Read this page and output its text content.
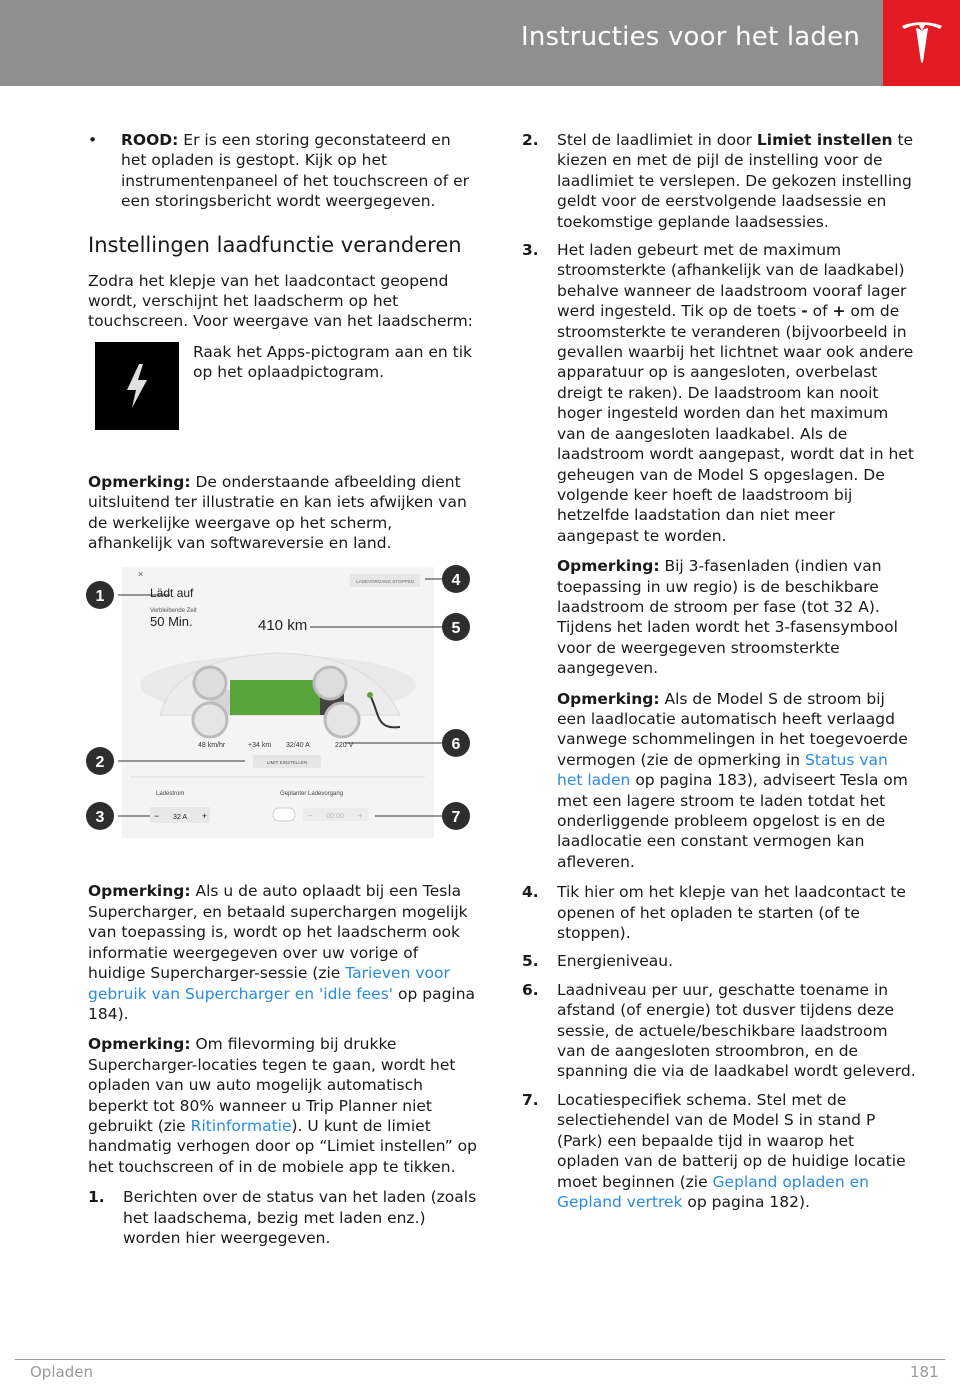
Instructies voor het laden
• ROOD: Er is een storing geconstateerd en het opladen is gestopt. Kijk op het instrumentenpaneel of het touchscreen of er een storingsbericht wordt weergegeven.
Instellingen laadfunctie veranderen

Zodra het klepje van het laadcontact geopend wordt, verschijnt het laadscherm op het touchscreen. Voor weergave van het laadscherm:

Raak het Apps-pictogram aan en tik op het oplaadpictogram.

Opmerking: De onderstaande afbeelding dient uitsluitend ter illustratie en kan iets afwijken van de werkelijke weergave op het scherm, afhankelijk van softwareversie en land.

×
Lädt auf
Verbleibende Zeit
50 Min.	410 km
LADEVORGANG STOPPEN
48 km/hr	+34 km 32/40 A	220 V
LIMIT EINSTELLEN
Ladestrom
− 32 A +
Geplanter Ladevorgang
− 00:00 +
1
2
3
4
5
6
7

Opmerking: Als u de auto oplaadt bij een Tesla Supercharger, en betaald superchargen mogelijk van toepassing is, wordt op het laadscherm ook informatie weergegeven over uw vorige of huidige Supercharger-sessie (zie Tarieven voor gebruik van Supercharger en 'idle fees' op pagina 184).

Opmerking: Om filevorming bij drukke Supercharger-locaties tegen te gaan, wordt het opladen van uw auto mogelijk automatisch beperkt tot 80% wanneer u Trip Planner niet gebruikt (zie Ritinformatie). U kunt de limiet handmatig verhogen door op “Limiet instellen” op het touchscreen of in de mobiele app te tikken.

1. Berichten over de status van het laden (zoals het laadschema, bezig met laden enz.) worden hier weergegeven.
2. Stel de laadlimiet in door Limiet instellen te kiezen en met de pijl de instelling voor de laadlimiet te verslepen. De gekozen instelling geldt voor de eerstvolgende laadsessie en toekomstige geplande laadsessies.
3. Het laden gebeurt met de maximum stroomsterkte (afhankelijk van de laadkabel) behalve wanneer de laadstroom vooraf lager werd ingesteld. Tik op de toets - of + om de stroomsterkte te veranderen (bijvoorbeeld in gevallen waarbij het lichtnet waar ook andere apparatuur op is aangesloten, overbelast dreigt te raken). De laadstroom kan nooit hoger ingesteld worden dan het maximum van de aangesloten laadkabel. Als de laadstroom wordt aangepast, wordt dat in het geheugen van de Model S opgeslagen. De volgende keer hoeft de laadstroom bij hetzelfde laadstation dan niet meer aangepast te worden.

Opmerking: Bij 3-fasenladen (indien van toepassing in uw regio) is de beschikbare laadstroom de stroom per fase (tot 32 A). Tijdens het laden wordt het 3-fasensymbool voor de weergegeven stroomsterkte aangegeven.

Opmerking: Als de Model S de stroom bij een laadlocatie automatisch heeft verlaagd vanwege schommelingen in het toegevoerde vermogen (zie de opmerking in Status van het laden op pagina 183), adviseert Tesla om met een lagere stroom te laden totdat het onderliggende probleem opgelost is en de laadlocatie een constant vermogen kan afleveren.

4. Tik hier om het klepje van het laadcontact te openen of het opladen te starten (of te stoppen).
5. Energieniveau.
6. Laadniveau per uur, geschatte toename in afstand (of energie) tot dusver tijdens deze sessie, de actuele/beschikbare laadstroom van de aangesloten stroombron, en de spanning die via de laadkabel wordt geleverd.
7. Locatiespecifiek schema. Stel met de selectiehendel van de Model S in stand P (Park) een bepaalde tijd in waarop het opladen van de batterij op de huidige locatie moet beginnen (zie Gepland opladen en Gepland vertrek op pagina 182).
Opladen	181
